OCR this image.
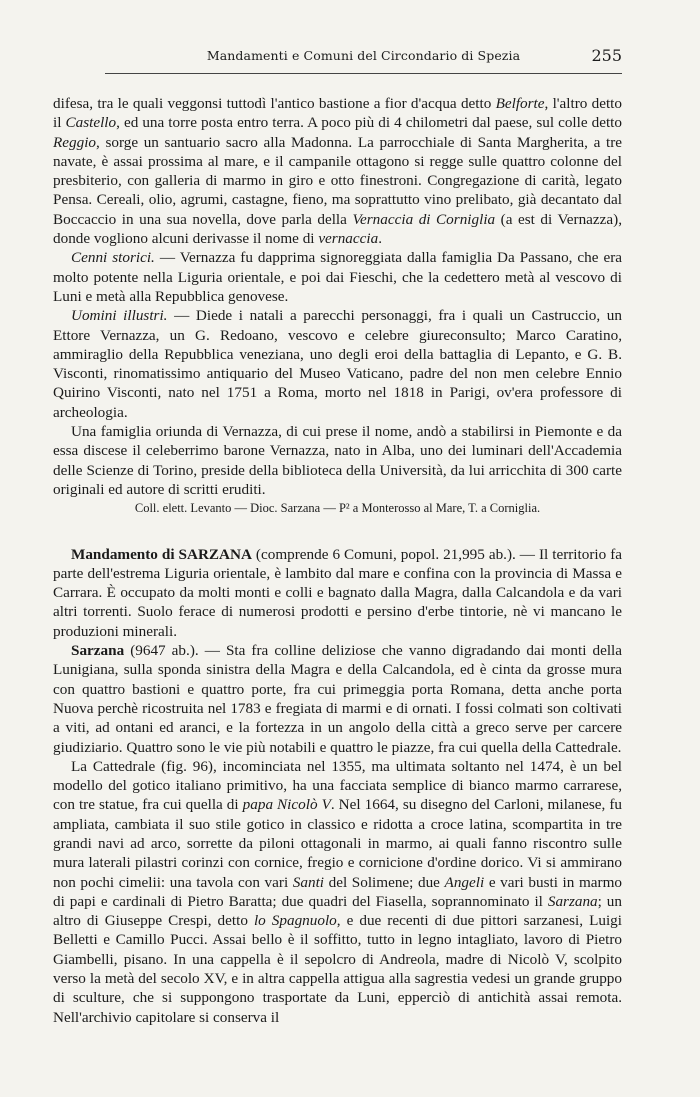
Mandamenti e Comuni del Circondario di Spezia	255

difesa, tra le quali veggonsi tuttodì l'antico bastione a fior d'acqua detto Belforte, l'altro detto il Castello, ed una torre posta entro terra. A poco più di 4 chilometri dal paese, sul colle detto Reggio, sorge un santuario sacro alla Madonna. La parrocchiale di Santa Margherita, a tre navate, è assai prossima al mare, e il campanile ottagono si regge sulle quattro colonne del presbiterio, con galleria di marmo in giro e otto finestroni. Congregazione di carità, legato Pensa. Cereali, olio, agrumi, castagne, fieno, ma soprattutto vino prelibato, già decantato dal Boccaccio in una sua novella, dove parla della Vernaccia di Corniglia (a est di Vernazza), donde vogliono alcuni derivasse il nome di vernaccia.

Cenni storici. — Vernazza fu dapprima signoreggiata dalla famiglia Da Passano, che era molto potente nella Liguria orientale, e poi dai Fieschi, che la cedettero metà al vescovo di Luni e metà alla Repubblica genovese.

Uomini illustri. — Diede i natali a parecchi personaggi, fra i quali un Castruccio, un Ettore Vernazza, un G. Redoano, vescovo e celebre giureconsulto; Marco Caratino, ammiraglio della Repubblica veneziana, uno degli eroi della battaglia di Lepanto, e G. B. Visconti, rinomatissimo antiquario del Museo Vaticano, padre del non men celebre Ennio Quirino Visconti, nato nel 1751 a Roma, morto nel 1818 in Parigi, ov'era professore di archeologia.

Una famiglia oriunda di Vernazza, di cui prese il nome, andò a stabilirsi in Piemonte e da essa discese il celeberrimo barone Vernazza, nato in Alba, uno dei luminari dell'Accademia delle Scienze di Torino, preside della biblioteca della Università, da lui arricchita di 300 carte originali ed autore di scritti eruditi.

Coll. elett. Levanto — Dioc. Sarzana — P² a Monterosso al Mare, T. a Corniglia.

Mandamento di SARZANA (comprende 6 Comuni, popol. 21,995 ab.). — Il territorio fa parte dell'estrema Liguria orientale, è lambito dal mare e confina con la provincia di Massa e Carrara. È occupato da molti monti e colli e bagnato dalla Magra, dalla Calcandola e da vari altri torrenti. Suolo ferace di numerosi prodotti e persino d'erbe tintorie, nè vi mancano le produzioni minerali.

Sarzana (9647 ab.). — Sta fra colline deliziose che vanno digradando dai monti della Lunigiana, sulla sponda sinistra della Magra e della Calcandola, ed è cinta da grosse mura con quattro bastioni e quattro porte, fra cui primeggia porta Romana, detta anche porta Nuova perchè ricostruita nel 1783 e fregiata di marmi e di ornati. I fossi colmati son coltivati a viti, ad ontani ed aranci, e la fortezza in un angolo della città a greco serve per carcere giudiziario. Quattro sono le vie più notabili e quattro le piazze, fra cui quella della Cattedrale.

La Cattedrale (fig. 96), incominciata nel 1355, ma ultimata soltanto nel 1474, è un bel modello del gotico italiano primitivo, ha una facciata semplice di bianco marmo carrarese, con tre statue, fra cui quella di papa Nicolò V. Nel 1664, su disegno del Carloni, milanese, fu ampliata, cambiata il suo stile gotico in classico e ridotta a croce latina, scompartita in tre grandi navi ad arco, sorrette da piloni ottagonali in marmo, ai quali fanno riscontro sulle mura laterali pilastri corinzi con cornice, fregio e cornicione d'ordine dorico. Vi si ammirano non pochi cimelii: una tavola con vari Santi del Solimene; due Angeli e vari busti in marmo di papi e cardinali di Pietro Baratta; due quadri del Fiasella, soprannominato il Sarzana; un altro di Giuseppe Crespi, detto lo Spagnuolo, e due recenti di due pittori sarzanesi, Luigi Belletti e Camillo Pucci. Assai bello è il soffitto, tutto in legno intagliato, lavoro di Pietro Giambelli, pisano. In una cappella è il sepolcro di Andreola, madre di Nicolò V, scolpito verso la metà del secolo XV, e in altra cappella attigua alla sagrestia vedesi un grande gruppo di sculture, che si suppongono trasportate da Luni, epperciò di antichità assai remota. Nell'archivio capitolare si conserva il
